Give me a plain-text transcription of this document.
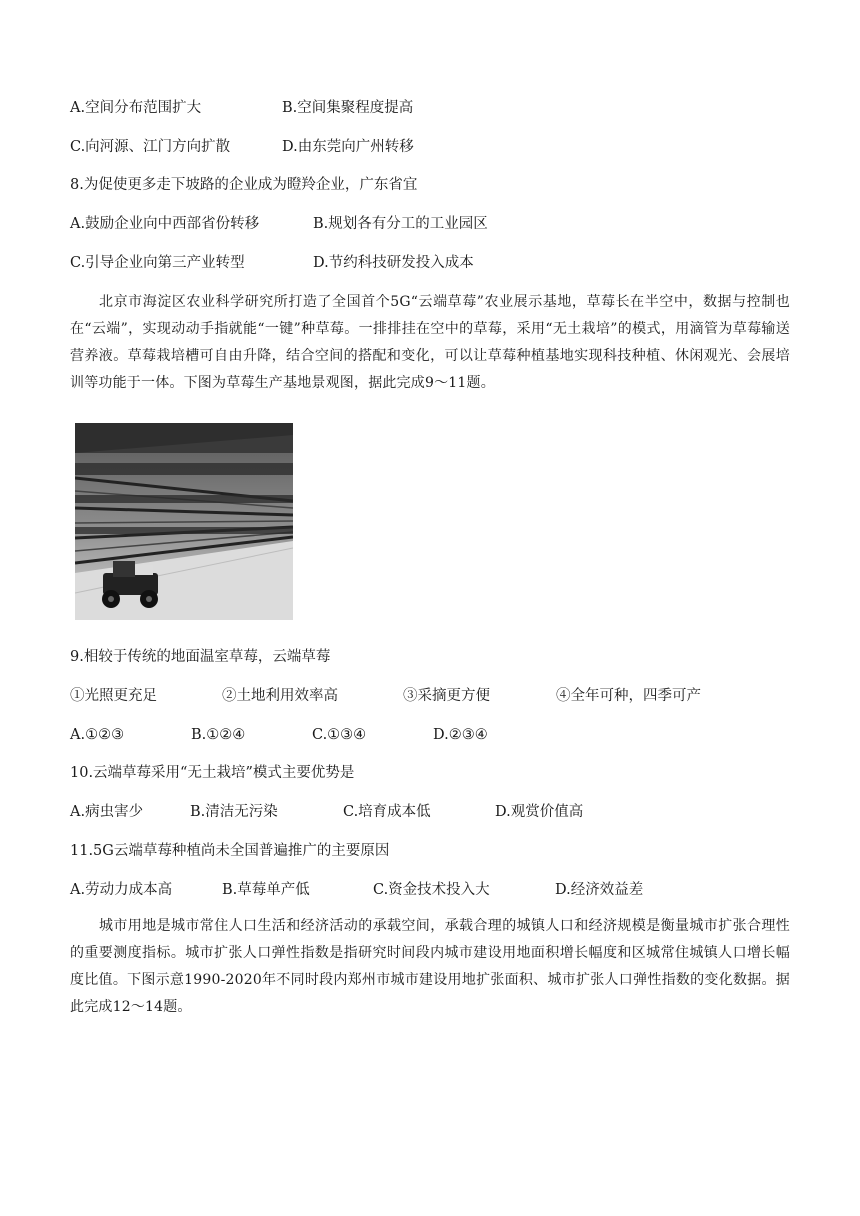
A.空间分布范围扩大	B.空间集聚程度提高
C.向河源、江门方向扩散	D.由东莞向广州转移
8.为促使更多走下坡路的企业成为瞪羚企业，广东省宜
A.鼓励企业向中西部省份转移	B.规划各有分工的工业园区
C.引导企业向第三产业转型	D.节约科技研发投入成本
北京市海淀区农业科学研究所打造了全国首个5G“云端草莓”农业展示基地，草莓长在半空中，数据与控制也在“云端”，实现动动手指就能“一键”种草莓。一排排挂在空中的草莓，采用“无土栽培”的模式，用滴管为草莓输送营养液。草莓栽培槽可自由升降，结合空间的搭配和变化，可以让草莓种植基地实现科技种植、休闲观光、会展培训等功能于一体。下图为草莓生产基地景观图，据此完成9～11题。
9.相较于传统的地面温室草莓，云端草莓
①光照更充足	②土地利用效率高	③采摘更方便	④全年可种，四季可产
A.①②③	B.①②④	C.①③④	D.②③④
10.云端草莓采用“无土栽培”模式主要优势是
A.病虫害少	B.清洁无污染	C.培育成本低	D.观赏价值高
11.5G云端草莓种植尚未全国普遍推广的主要原因
A.劳动力成本高	B.草莓单产低	C.资金技术投入大	D.经济效益差
城市用地是城市常住人口生活和经济活动的承载空间，承载合理的城镇人口和经济规模是衡量城市扩张合理性的重要测度指标。城市扩张人口弹性指数是指研究时间段内城市建设用地面积增长幅度和区城常住城镇人口增长幅度比值。下图示意1990-2020年不同时段内郑州市城市建设用地扩张面积、城市扩张人口弹性指数的变化数据。据此完成12～14题。
